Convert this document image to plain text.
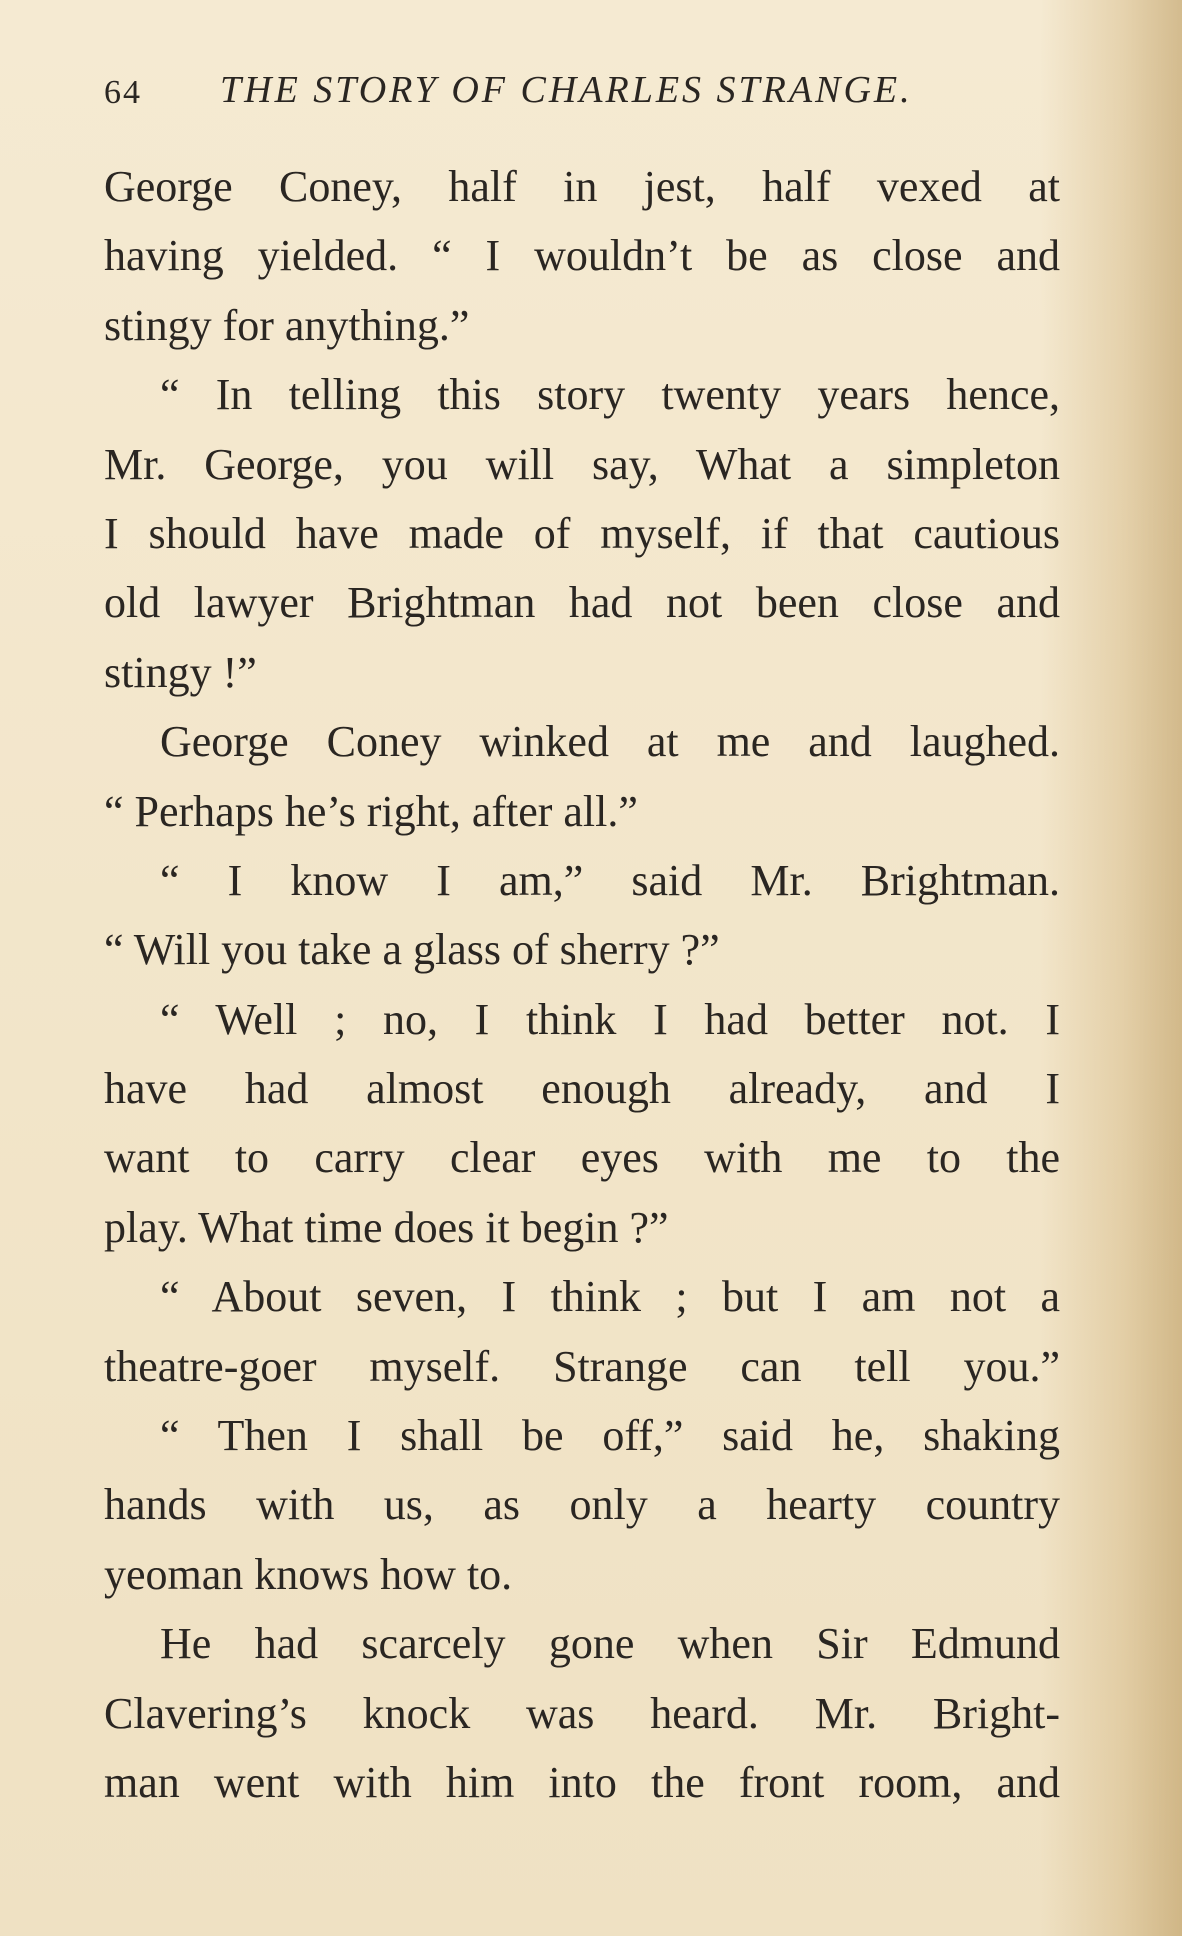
64 THE STORY OF CHARLES STRANGE.
George Coney, half in jest, half vexed at
having yielded. “ I wouldn’t be as close and
stingy for anything.”
“ In telling this story twenty years hence,
Mr. George, you will say, What a simpleton
I should have made of myself, if that cautious
old lawyer Brightman had not been close and
stingy !”
George Coney winked at me and laughed.
“ Perhaps he’s right, after all.”
“ I know I am,” said Mr. Brightman.
“ Will you take a glass of sherry ?”
“ Well ; no, I think I had better not. I
have had almost enough already, and I
want to carry clear eyes with me to the
play. What time does it begin ?”
“ About seven, I think ; but I am not a
theatre-goer myself. Strange can tell you.”
“ Then I shall be off,” said he, shaking
hands with us, as only a hearty country
yeoman knows how to.
He had scarcely gone when Sir Edmund
Clavering’s knock was heard. Mr. Bright-
man went with him into the front room, and
